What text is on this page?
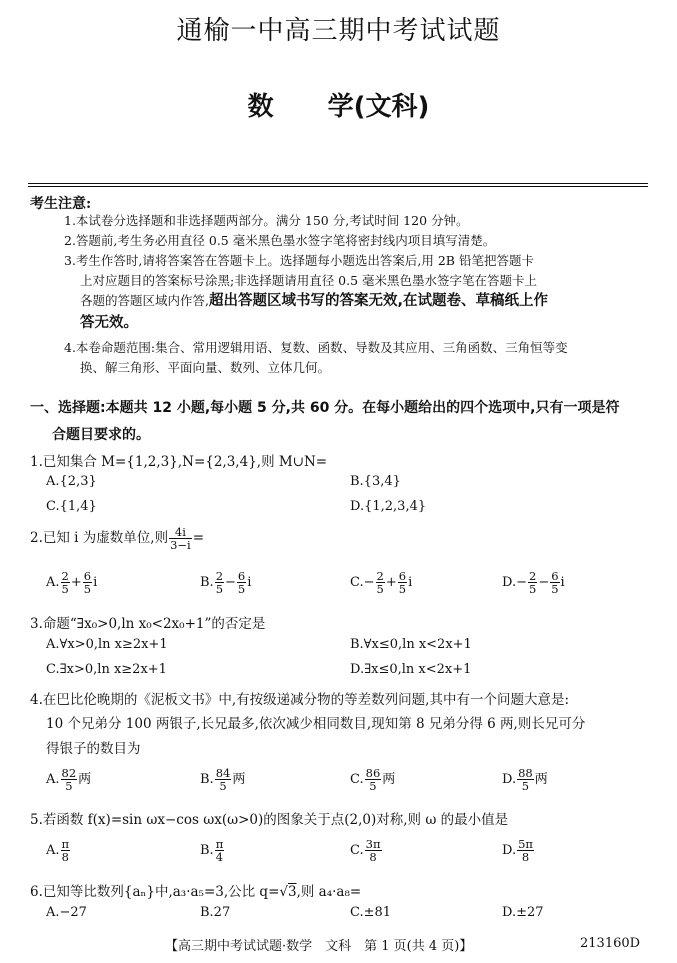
通榆一中高三期中考试试题
数 学(文科)
考生注意:
1.本试卷分选择题和非选择题两部分。满分 150 分,考试时间 120 分钟。
2.答题前,考生务必用直径 0.5 毫米黑色墨水签字笔将密封线内项目填写清楚。
3.考生作答时,请将答案答在答题卡上。选择题每小题选出答案后,用 2B 铅笔把答题卡
上对应题目的答案标号涂黑;非选择题请用直径 0.5 毫米黑色墨水签字笔在答题卡上
各题的答题区域内作答,超出答题区域书写的答案无效,在试题卷、草稿纸上作
答无效。
4.本卷命题范围:集合、常用逻辑用语、复数、函数、导数及其应用、三角函数、三角恒等变
换、解三角形、平面向量、数列、立体几何。
一、选择题:本题共 12 小题,每小题 5 分,共 60 分。在每小题给出的四个选项中,只有一项是符
合题目要求的。
1.已知集合 M={1,2,3},N={2,3,4},则 M∪N=
A.{2,3}	B.{3,4}
C.{1,4}	D.{1,2,3,4}
2.已知 i 为虚数单位,则 $\frac{4i}{3-i}$ =
A. $\frac{2}{5} + \frac{6}{5}$ i	B. $\frac{2}{5} - \frac{6}{5}$ i	$C.- \frac{2}{5} + \frac{6}{5}$ i	$D.- \frac{2}{5} - \frac{6}{5}$ i
3.命题“∃x₀>0,ln x₀<2x₀+1”的否定是
A.∀x>0,ln x≥2x+1	B.∀x≤0,ln x<2x+1
C.∃x>0,ln x≥2x+1	D.∃x≤0,ln x<2x+1
4.在巴比伦晚期的《泥板文书》中,有按级递减分物的等差数列问题,其中有一个问题大意是:
10 个兄弟分 100 两银子,长兄最多,依次减少相同数目,现知第 8 兄弟分得 6 两,则长兄可分
得银子的数目为
A. $\frac{82}{5}$ 两	B. $\frac{84}{5}$ 两	C. $\frac{86}{5}$ 两	D. $\frac{88}{5}$ 两
5.若函数 f(x)=sin ωx−cos ωx(ω>0)的图象关于点(2,0)对称,则 ω 的最小值是
A. $\frac{\pi}{8}$	B. $\frac{\pi}{4}$	C. $\frac{3\pi}{8}$	D. $\frac{5\pi}{8}$
6.已知等比数列{aₙ}中,a₃·a₅=3,公比 q=√3,则 a₄·a₈=
A.−27	B.27	C.±81	D.±27
【高三期中考试试题·数学　文科　第 1 页(共 4 页)】	213160D
